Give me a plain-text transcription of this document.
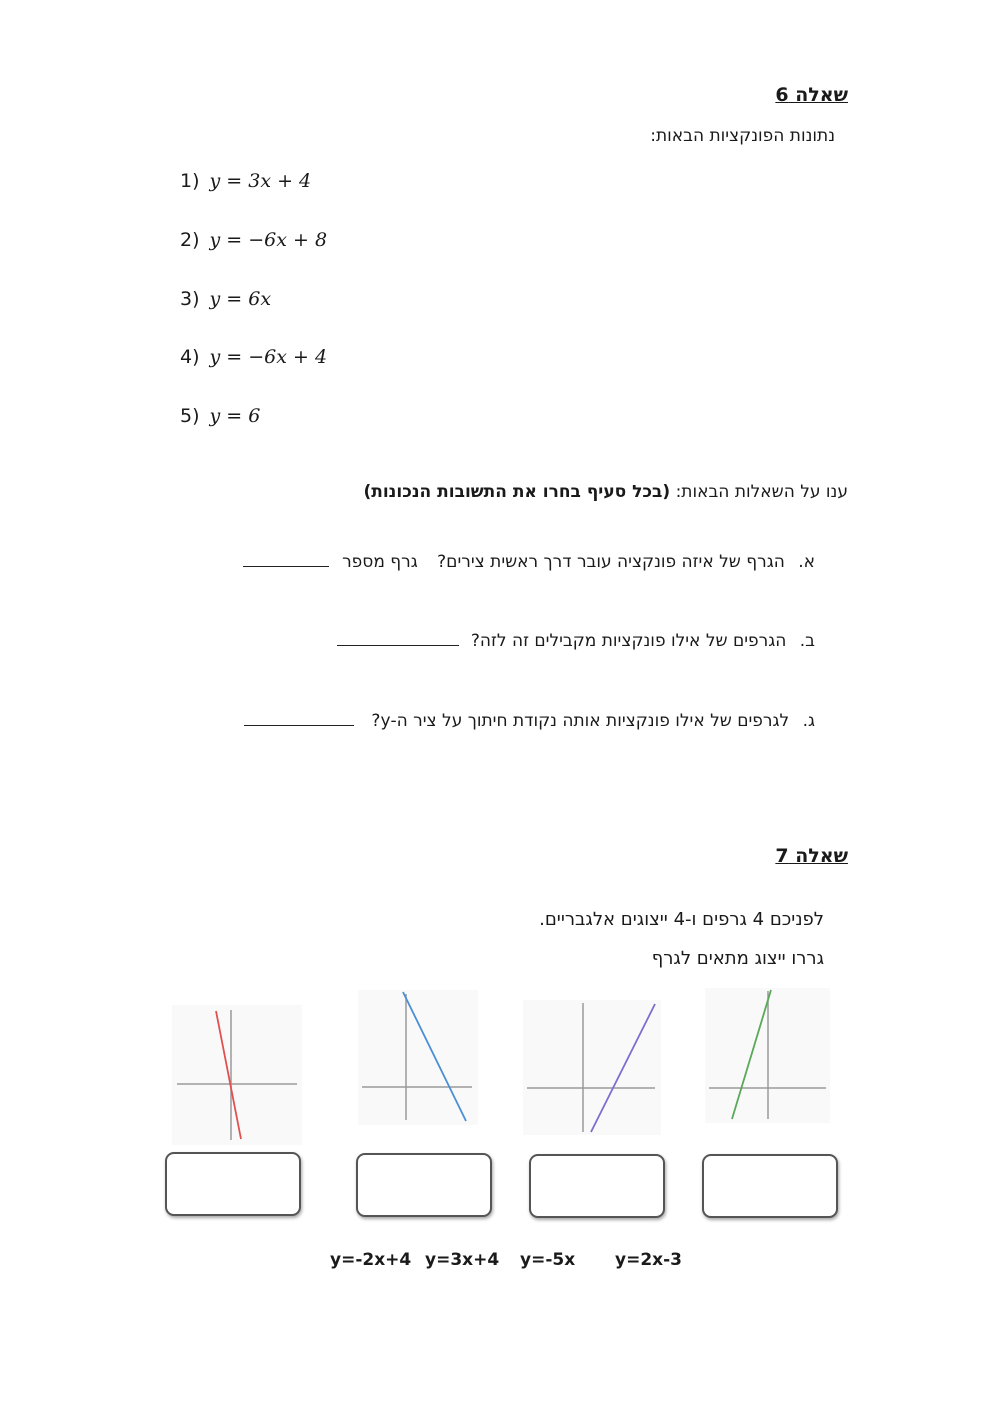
שאלה 6
נתונות הפונקציות הבאות:
1) y = 3x + 4
2) y = −6x + 8
3) y = 6x
4) y = −6x + 4
5) y = 6
ענו על השאלות הבאות: (בכל סעיף בחרו את התשובות הנכונות)
א. הגרף של איזה פונקציה עובר דרך ראשית צירים? גרף מספר
ב. הגרפים של אילו פונקציות מקבילים זה לזה?
ג. לגרפים של אילו פונקציות אותה נקודת חיתוך על ציר ה-y?
שאלה 7
לפניכם 4 גרפים ו-4 ייצוגים אלגבריים.
גררו ייצוג מתאים לגרף
y=-2x+4 y=3x+4 y=-5x y=2x-3
